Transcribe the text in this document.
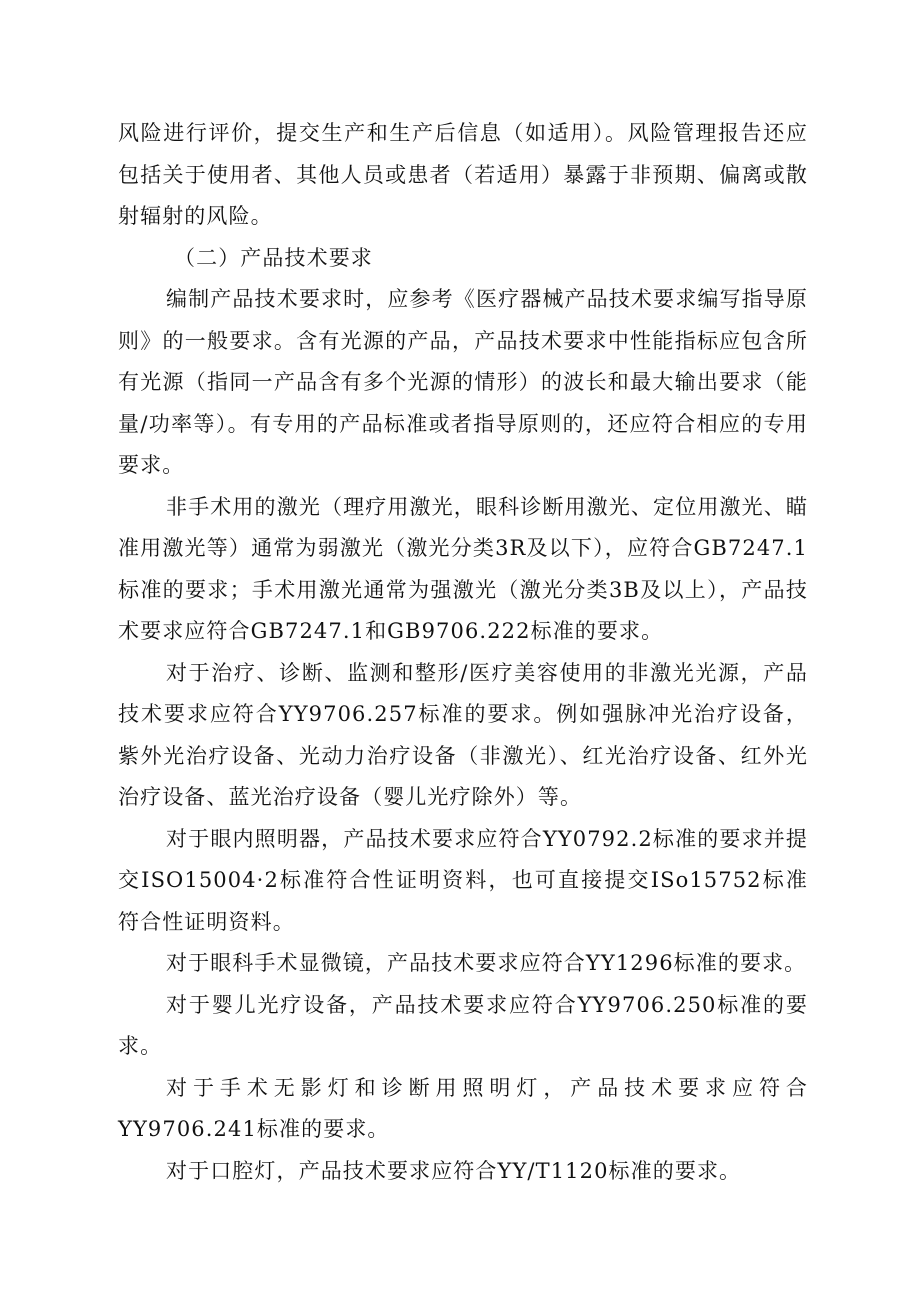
风险进行评价，提交生产和生产后信息（如适用）。风险管理报告还应包括关于使用者、其他人员或患者（若适用）暴露于非预期、偏离或散射辐射的风险。

（二）产品技术要求

编制产品技术要求时，应参考《医疗器械产品技术要求编写指导原则》的一般要求。含有光源的产品，产品技术要求中性能指标应包含所有光源（指同一产品含有多个光源的情形）的波长和最大输出要求（能量/功率等）。有专用的产品标准或者指导原则的，还应符合相应的专用要求。

非手术用的激光（理疗用激光，眼科诊断用激光、定位用激光、瞄准用激光等）通常为弱激光（激光分类3R及以下），应符合GB7247.1标准的要求；手术用激光通常为强激光（激光分类3B及以上），产品技术要求应符合GB7247.1和GB9706.222标准的要求。

对于治疗、诊断、监测和整形/医疗美容使用的非激光光源，产品技术要求应符合YY9706.257标准的要求。例如强脉冲光治疗设备，紫外光治疗设备、光动力治疗设备（非激光）、红光治疗设备、红外光治疗设备、蓝光治疗设备（婴儿光疗除外）等。

对于眼内照明器，产品技术要求应符合YY0792.2标准的要求并提交ISO15004·2标准符合性证明资料，也可直接提交ISo15752标准符合性证明资料。

对于眼科手术显微镜，产品技术要求应符合YY1296标准的要求。

对于婴儿光疗设备，产品技术要求应符合YY9706.250标准的要求。

对于手术无影灯和诊断用照明灯，产品技术要求应符合YY9706.241标准的要求。

对于口腔灯，产品技术要求应符合YY/T1120标准的要求。
